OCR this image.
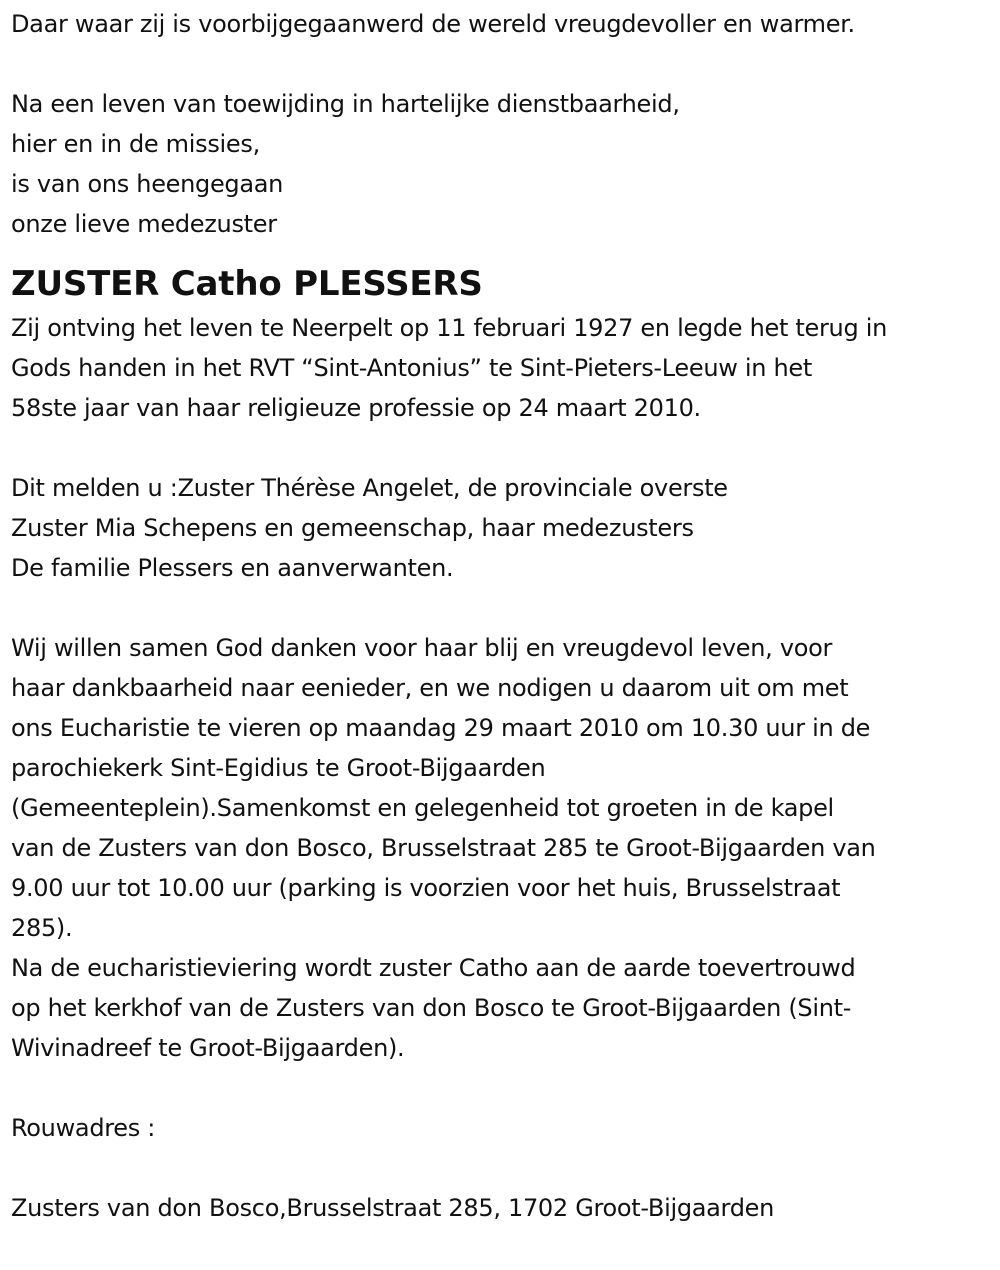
Daar waar zij is voorbijgegaanwerd de wereld vreugdevoller en warmer.
Na een leven van toewijding in hartelijke dienstbaarheid,
hier en in de missies,
is van ons heengegaan
onze lieve medezuster
ZUSTER Catho PLESSERS
Zij ontving het leven te Neerpelt op 11 februari 1927 en legde het terug in
Gods handen in het RVT “Sint-Antonius” te Sint-Pieters-Leeuw in het
58ste jaar van haar religieuze professie op 24 maart 2010.
Dit melden u :Zuster Thérèse Angelet, de provinciale overste
Zuster Mia Schepens en gemeenschap, haar medezusters
De familie Plessers en aanverwanten.
Wij willen samen God danken voor haar blij en vreugdevol leven, voor
haar dankbaarheid naar eenieder, en we nodigen u daarom uit om met
ons Eucharistie te vieren op maandag 29 maart 2010 om 10.30 uur in de
parochiekerk Sint-Egidius te Groot-Bijgaarden
(Gemeenteplein).Samenkomst en gelegenheid tot groeten in de kapel
van de Zusters van don Bosco, Brusselstraat 285 te Groot-Bijgaarden van
9.00 uur tot 10.00 uur (parking is voorzien voor het huis, Brusselstraat
285).
Na de eucharistieviering wordt zuster Catho aan de aarde toevertrouwd
op het kerkhof van de Zusters van don Bosco te Groot-Bijgaarden (Sint-
Wivinadreef te Groot-Bijgaarden).
Rouwadres :
Zusters van don Bosco,Brusselstraat 285, 1702 Groot-Bijgaarden
